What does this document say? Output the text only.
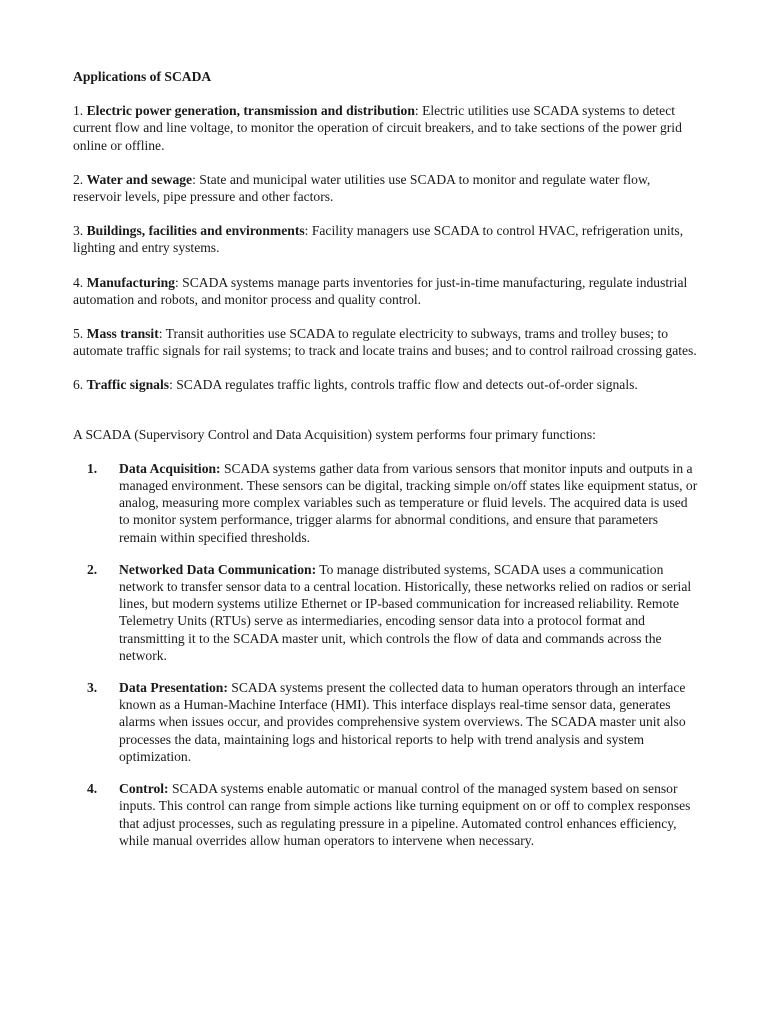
Applications of SCADA

1. Electric power generation, transmission and distribution: Electric utilities use SCADA systems to detect current flow and line voltage, to monitor the operation of circuit breakers, and to take sections of the power grid online or offline.
2. Water and sewage: State and municipal water utilities use SCADA to monitor and regulate water flow, reservoir levels, pipe pressure and other factors.
3. Buildings, facilities and environments: Facility managers use SCADA to control HVAC, refrigeration units, lighting and entry systems.
4. Manufacturing: SCADA systems manage parts inventories for just-in-time manufacturing, regulate industrial automation and robots, and monitor process and quality control.
5. Mass transit: Transit authorities use SCADA to regulate electricity to subways, trams and trolley buses; to automate traffic signals for rail systems; to track and locate trains and buses; and to control railroad crossing gates.
6. Traffic signals: SCADA regulates traffic lights, controls traffic flow and detects out-of-order signals.

A SCADA (Supervisory Control and Data Acquisition) system performs four primary functions:

1. Data Acquisition: SCADA systems gather data from various sensors that monitor inputs and outputs in a managed environment. These sensors can be digital, tracking simple on/off states like equipment status, or analog, measuring more complex variables such as temperature or fluid levels. The acquired data is used to monitor system performance, trigger alarms for abnormal conditions, and ensure that parameters remain within specified thresholds.
2. Networked Data Communication: To manage distributed systems, SCADA uses a communication network to transfer sensor data to a central location. Historically, these networks relied on radios or serial lines, but modern systems utilize Ethernet or IP-based communication for increased reliability. Remote Telemetry Units (RTUs) serve as intermediaries, encoding sensor data into a protocol format and transmitting it to the SCADA master unit, which controls the flow of data and commands across the network.
3. Data Presentation: SCADA systems present the collected data to human operators through an interface known as a Human-Machine Interface (HMI). This interface displays real-time sensor data, generates alarms when issues occur, and provides comprehensive system overviews. The SCADA master unit also processes the data, maintaining logs and historical reports to help with trend analysis and system optimization.
4. Control: SCADA systems enable automatic or manual control of the managed system based on sensor inputs. This control can range from simple actions like turning equipment on or off to complex responses that adjust processes, such as regulating pressure in a pipeline. Automated control enhances efficiency, while manual overrides allow human operators to intervene when necessary.
